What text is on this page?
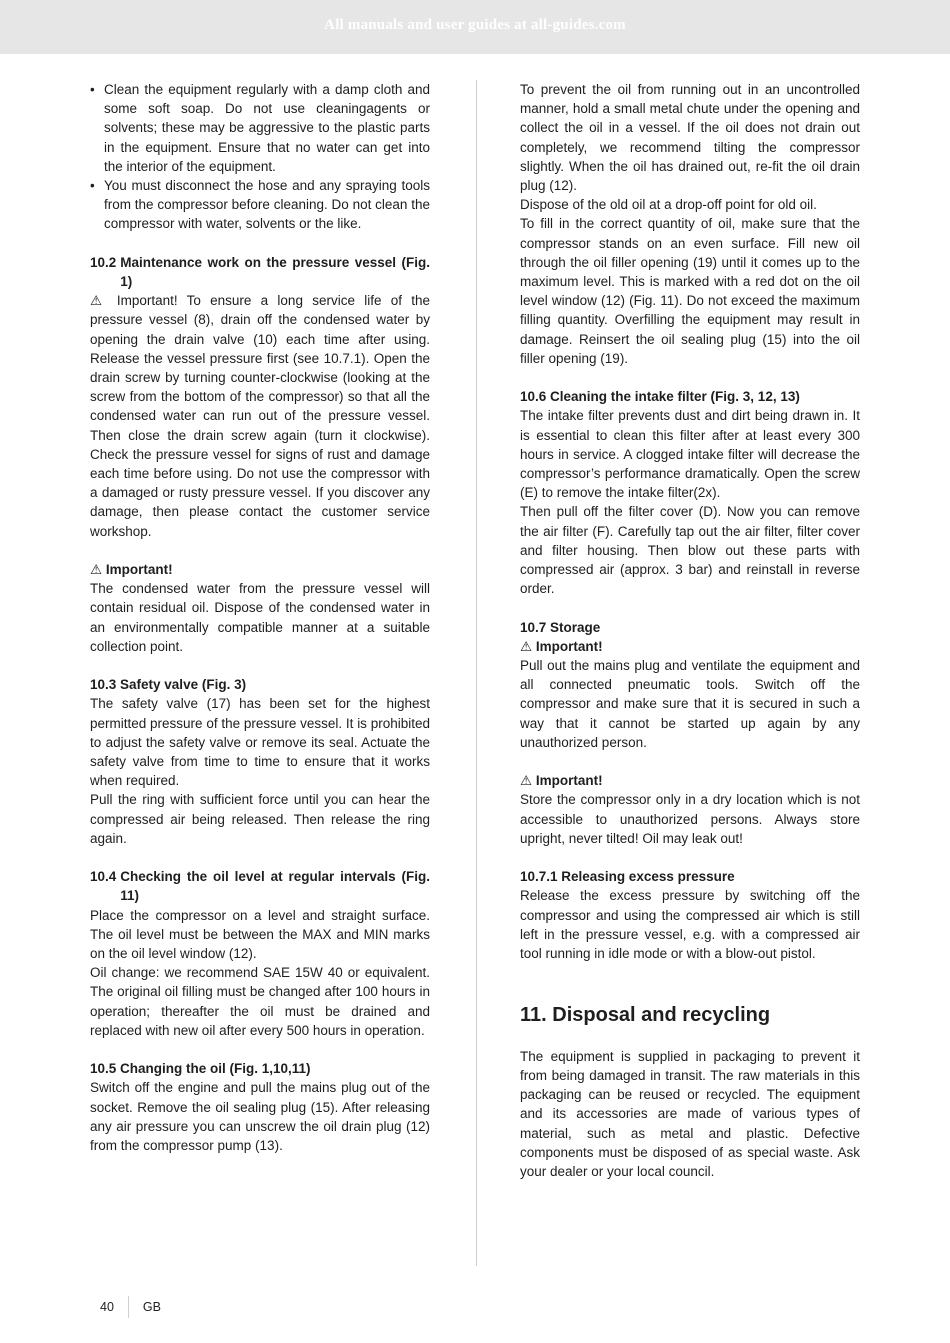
All manuals and user guides at all-guides.com
• Clean the equipment regularly with a damp cloth and some soft soap. Do not use cleaningagents or solvents; these may be aggressive to the plastic parts in the equipment. Ensure that no water can get into the interior of the equipment.
• You must disconnect the hose and any spraying tools from the compressor before cleaning. Do not clean the compressor with water, solvents or the like.
10.2 Maintenance work on the pressure vessel (Fig. 1)

⚠ Important! To ensure a long service life of the pressure vessel (8), drain off the condensed water by opening the drain valve (10) each time after using. Release the vessel pressure first (see 10.7.1). Open the drain screw by turning counter-clockwise (looking at the screw from the bottom of the compressor) so that all the condensed water can run out of the pressure vessel. Then close the drain screw again (turn it clockwise). Check the pressure vessel for signs of rust and damage each time before using. Do not use the compressor with a damaged or rusty pressure vessel. If you discover any damage, then please contact the customer service workshop.

⚠ Important!

The condensed water from the pressure vessel will contain residual oil. Dispose of the condensed water in an environmentally compatible manner at a suitable collection point.

10.3 Safety valve (Fig. 3)

The safety valve (17) has been set for the highest permitted pressure of the pressure vessel. It is prohibited to adjust the safety valve or remove its seal. Actuate the safety valve from time to time to ensure that it works when required.

Pull the ring with sufficient force until you can hear the compressed air being released. Then release the ring again.

10.4 Checking the oil level at regular intervals (Fig. 11)

Place the compressor on a level and straight surface. The oil level must be between the MAX and MIN marks on the oil level window (12).

Oil change: we recommend SAE 15W 40 or equivalent. The original oil filling must be changed after 100 hours in operation; thereafter the oil must be drained and replaced with new oil after every 500 hours in operation.

10.5 Changing the oil (Fig. 1,10,11)

Switch off the engine and pull the mains plug out of the socket. Remove the oil sealing plug (15). After releasing any air pressure you can unscrew the oil drain plug (12) from the compressor pump (13).

To prevent the oil from running out in an uncontrolled manner, hold a small metal chute under the opening and collect the oil in a vessel. If the oil does not drain out completely, we recommend tilting the compressor slightly. When the oil has drained out, re-fit the oil drain plug (12).

Dispose of the old oil at a drop-off point for old oil.

To fill in the correct quantity of oil, make sure that the compressor stands on an even surface. Fill new oil through the oil filler opening (19) until it comes up to the maximum level. This is marked with a red dot on the oil level window (12) (Fig. 11). Do not exceed the maximum filling quantity. Overfilling the equipment may result in damage. Reinsert the oil sealing plug (15) into the oil filler opening (19).

10.6 Cleaning the intake filter (Fig. 3, 12, 13)

The intake filter prevents dust and dirt being drawn in. It is essential to clean this filter after at least every 300 hours in service. A clogged intake filter will decrease the compressor’s performance dramatically. Open the screw (E) to remove the intake filter(2x).

Then pull off the filter cover (D). Now you can remove the air filter (F). Carefully tap out the air filter, filter cover and filter housing. Then blow out these parts with compressed air (approx. 3 bar) and reinstall in reverse order.

10.7 Storage
⚠ Important!

Pull out the mains plug and ventilate the equipment and all connected pneumatic tools. Switch off the compressor and make sure that it is secured in such a way that it cannot be started up again by any unauthorized person.

⚠ Important!

Store the compressor only in a dry location which is not accessible to unauthorized persons. Always store upright, never tilted! Oil may leak out!

10.7.1 Releasing excess pressure

Release the excess pressure by switching off the compressor and using the compressed air which is still left in the pressure vessel, e.g. with a compressed air tool running in idle mode or with a blow-out pistol.

11. Disposal and recycling

The equipment is supplied in packaging to prevent it from being damaged in transit. The raw materials in this packaging can be reused or recycled. The equipment and its accessories are made of various types of material, such as metal and plastic. Defective components must be disposed of as special waste. Ask your dealer or your local council.

40 GB
